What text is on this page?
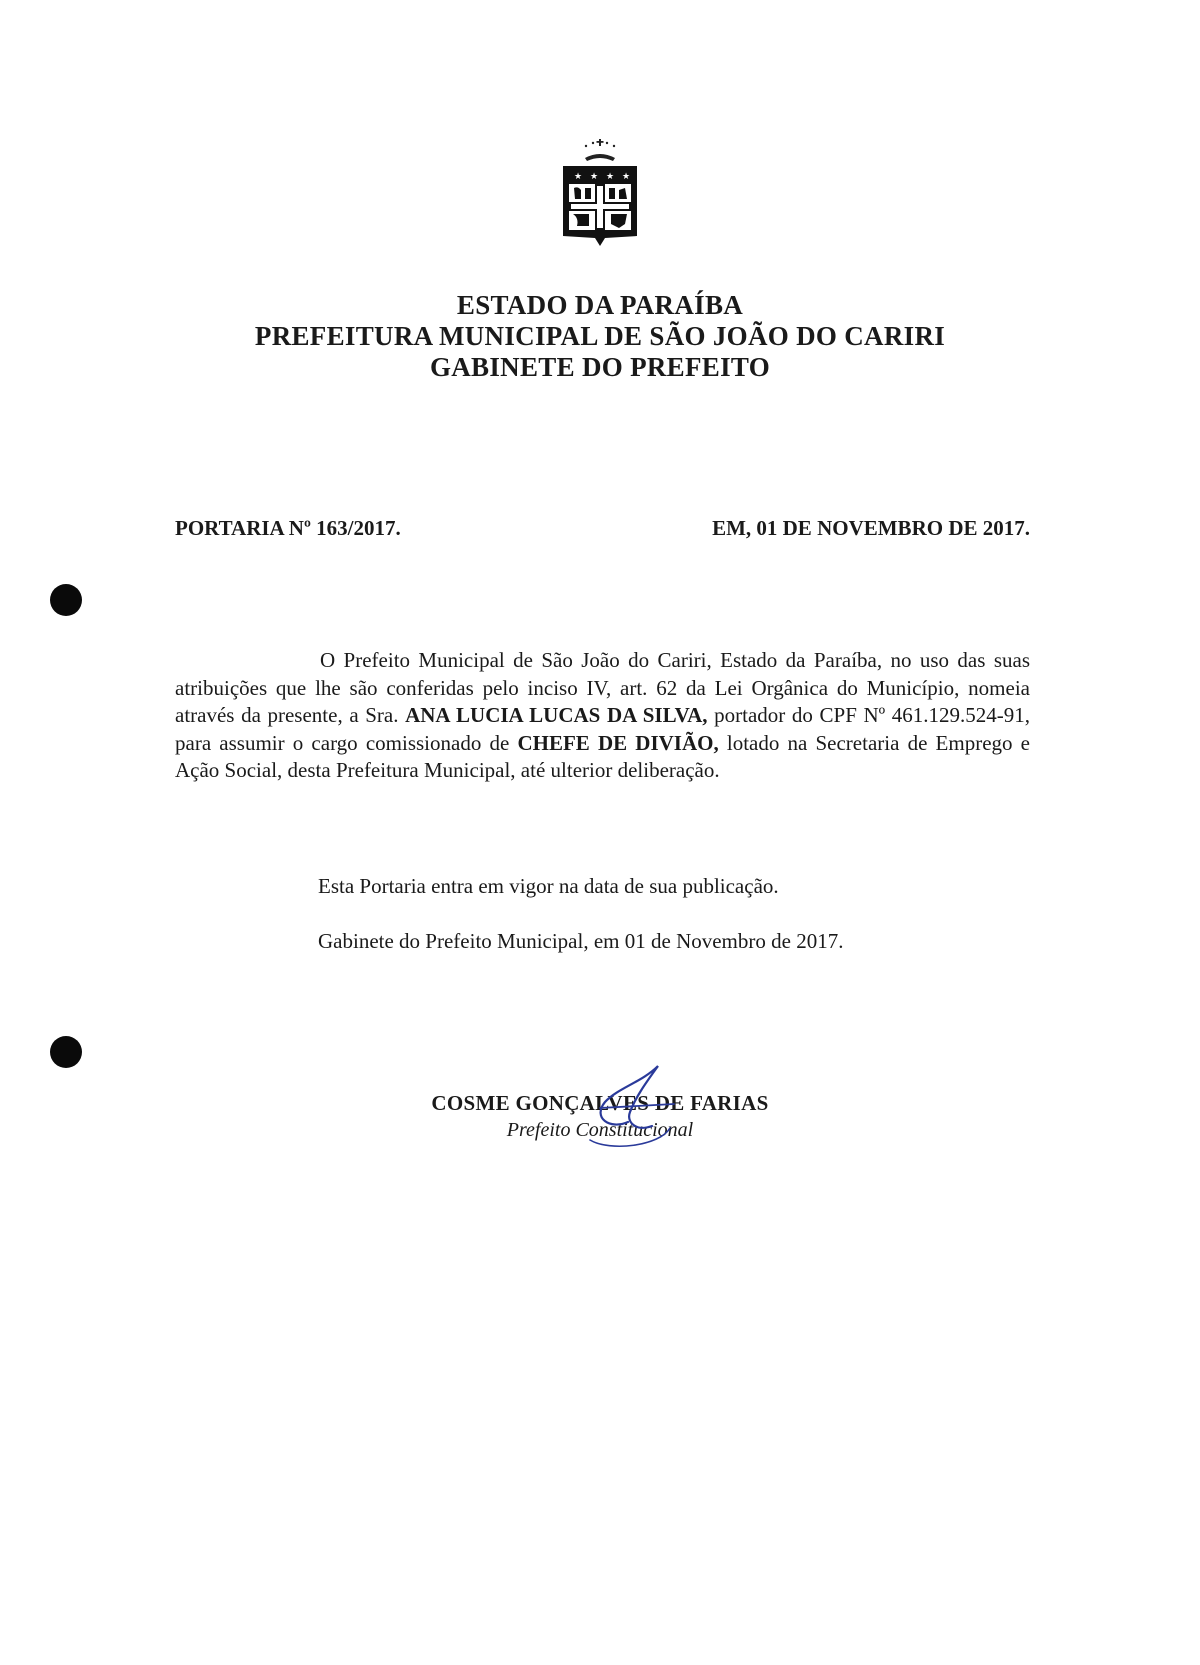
★ ★ ★ ★
ESTADO DA PARAÍBA
PREFEITURA MUNICIPAL DE SÃO JOÃO DO CARIRI
GABINETE DO PREFEITO
PORTARIA Nº 163/2017.	EM, 01 DE NOVEMBRO DE 2017.

O Prefeito Municipal de São João do Cariri, Estado da Paraíba, no uso das suas atribuições que lhe são conferidas pelo inciso IV, art. 62 da Lei Orgânica do Município, nomeia através da presente, a Sra. ANA LUCIA LUCAS DA SILVA, portador do CPF Nº 461.129.524-91, para assumir o cargo comissionado de CHEFE DE DIVIÃO, lotado na Secretaria de Emprego e Ação Social, desta Prefeitura Municipal, até ulterior deliberação.

Esta Portaria entra em vigor na data de sua publicação.
Gabinete do Prefeito Municipal, em 01 de Novembro de 2017.
COSME GONÇALVES DE FARIAS
Prefeito Constitucional
